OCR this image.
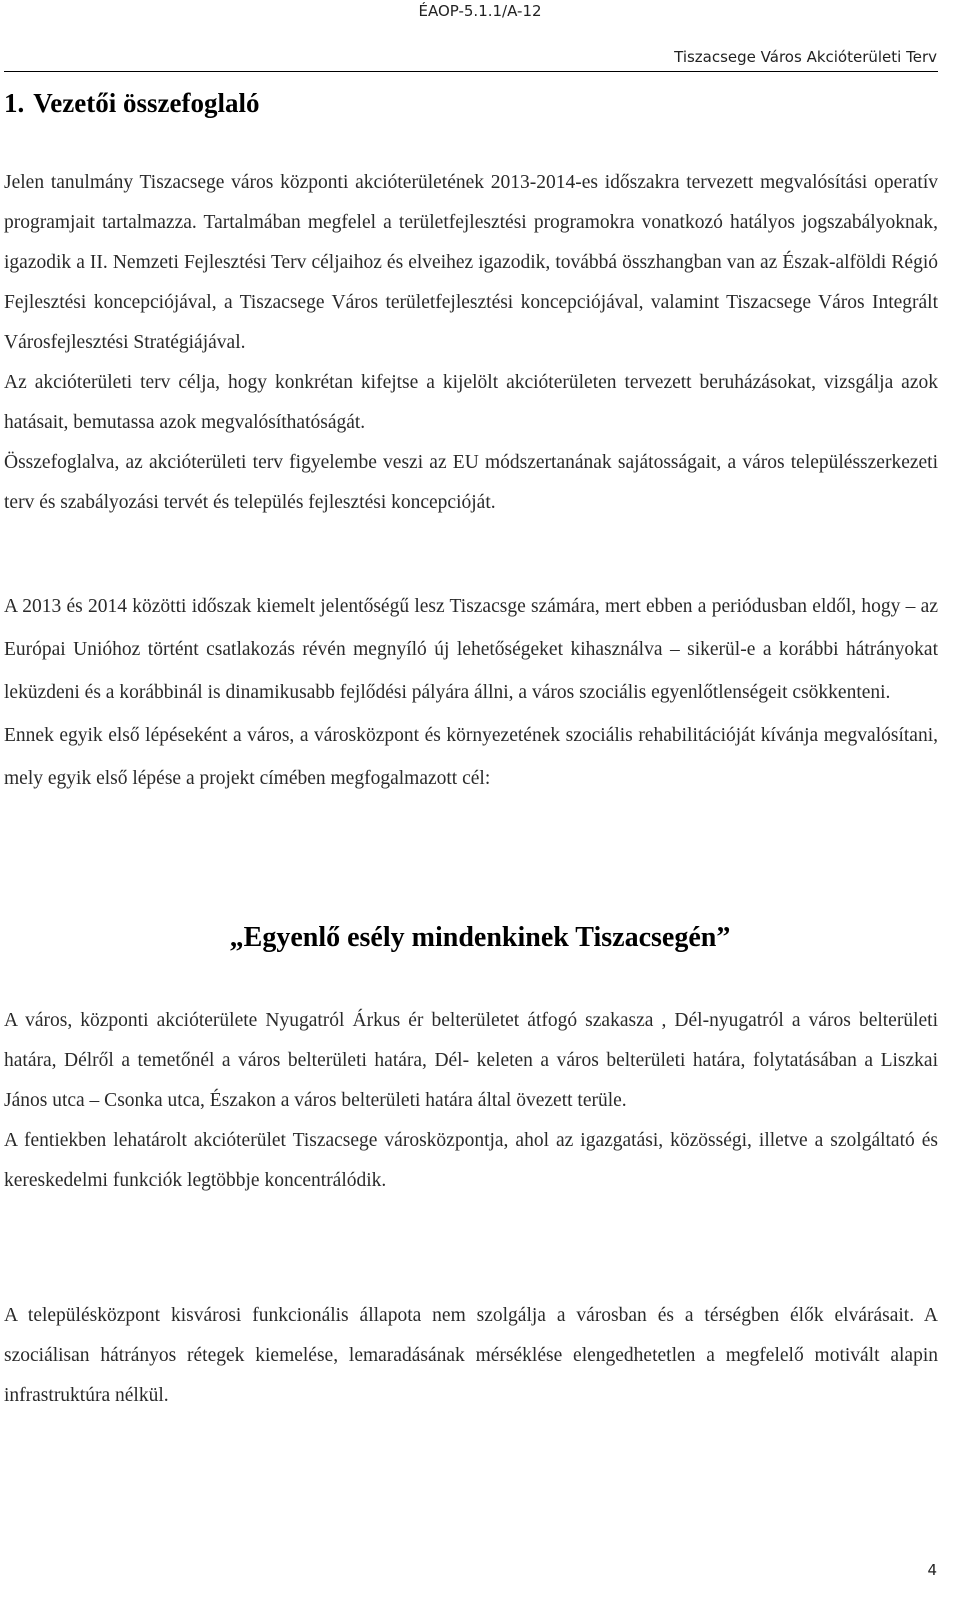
ÉAOP-5.1.1/A-12
Tiszacsege Város Akcióterületi Terv
1. Vezetői összefoglaló

Jelen tanulmány Tiszacsege város központi akcióterületének 2013-2014-es időszakra tervezett megvalósítási operatív programjait tartalmazza. Tartalmában megfelel a területfejlesztési programokra vonatkozó hatályos jogszabályoknak, igazodik a II. Nemzeti Fejlesztési Terv céljaihoz és elveihez igazodik, továbbá összhangban van az Észak-alföldi Régió Fejlesztési koncepciójával, a Tiszacsege Város területfejlesztési koncepciójával, valamint Tiszacsege Város Integrált Városfejlesztési Stratégiájával.

Az akcióterületi terv célja, hogy konkrétan kifejtse a kijelölt akcióterületen tervezett beruházásokat, vizsgálja azok hatásait, bemutassa azok megvalósíthatóságát.

Összefoglalva, az akcióterületi terv figyelembe veszi az EU módszertanának sajátosságait, a város településszerkezeti terv és szabályozási tervét és település fejlesztési koncepcióját.

A 2013 és 2014 közötti időszak kiemelt jelentőségű lesz Tiszacsge számára, mert ebben a periódusban eldől, hogy – az Európai Unióhoz történt csatlakozás révén megnyíló új lehetőségeket kihasználva – sikerül-e a korábbi hátrányokat leküzdeni és a korábbinál is dinamikusabb fejlődési pályára állni, a város szociális egyenlőtlenségeit csökkenteni.

Ennek egyik első lépéseként a város, a városközpont és környezetének szociális rehabilitációját kívánja megvalósítani, mely egyik első lépése a projekt címében megfogalmazott cél:

„Egyenlő esély mindenkinek Tiszacsegén”

A város, központi akcióterülete Nyugatról Árkus ér belterületet átfogó szakasza , Dél-nyugatról a város belterületi határa, Délről a temetőnél a város belterületi határa, Dél- keleten a város belterületi határa, folytatásában a Liszkai János utca – Csonka utca, Északon a város belterületi határa által övezett terüle.

A fentiekben lehatárolt akcióterület Tiszacsege városközpontja, ahol az igazgatási, közösségi, illetve a szolgáltató és kereskedelmi funkciók legtöbbje koncentrálódik.

A településközpont kisvárosi funkcionális állapota nem szolgálja a városban és a térségben élők elvárásait. A szociálisan hátrányos rétegek kiemelése, lemaradásának mérséklése elengedhetetlen a megfelelő motivált alapin infrastruktúra nélkül.

4
